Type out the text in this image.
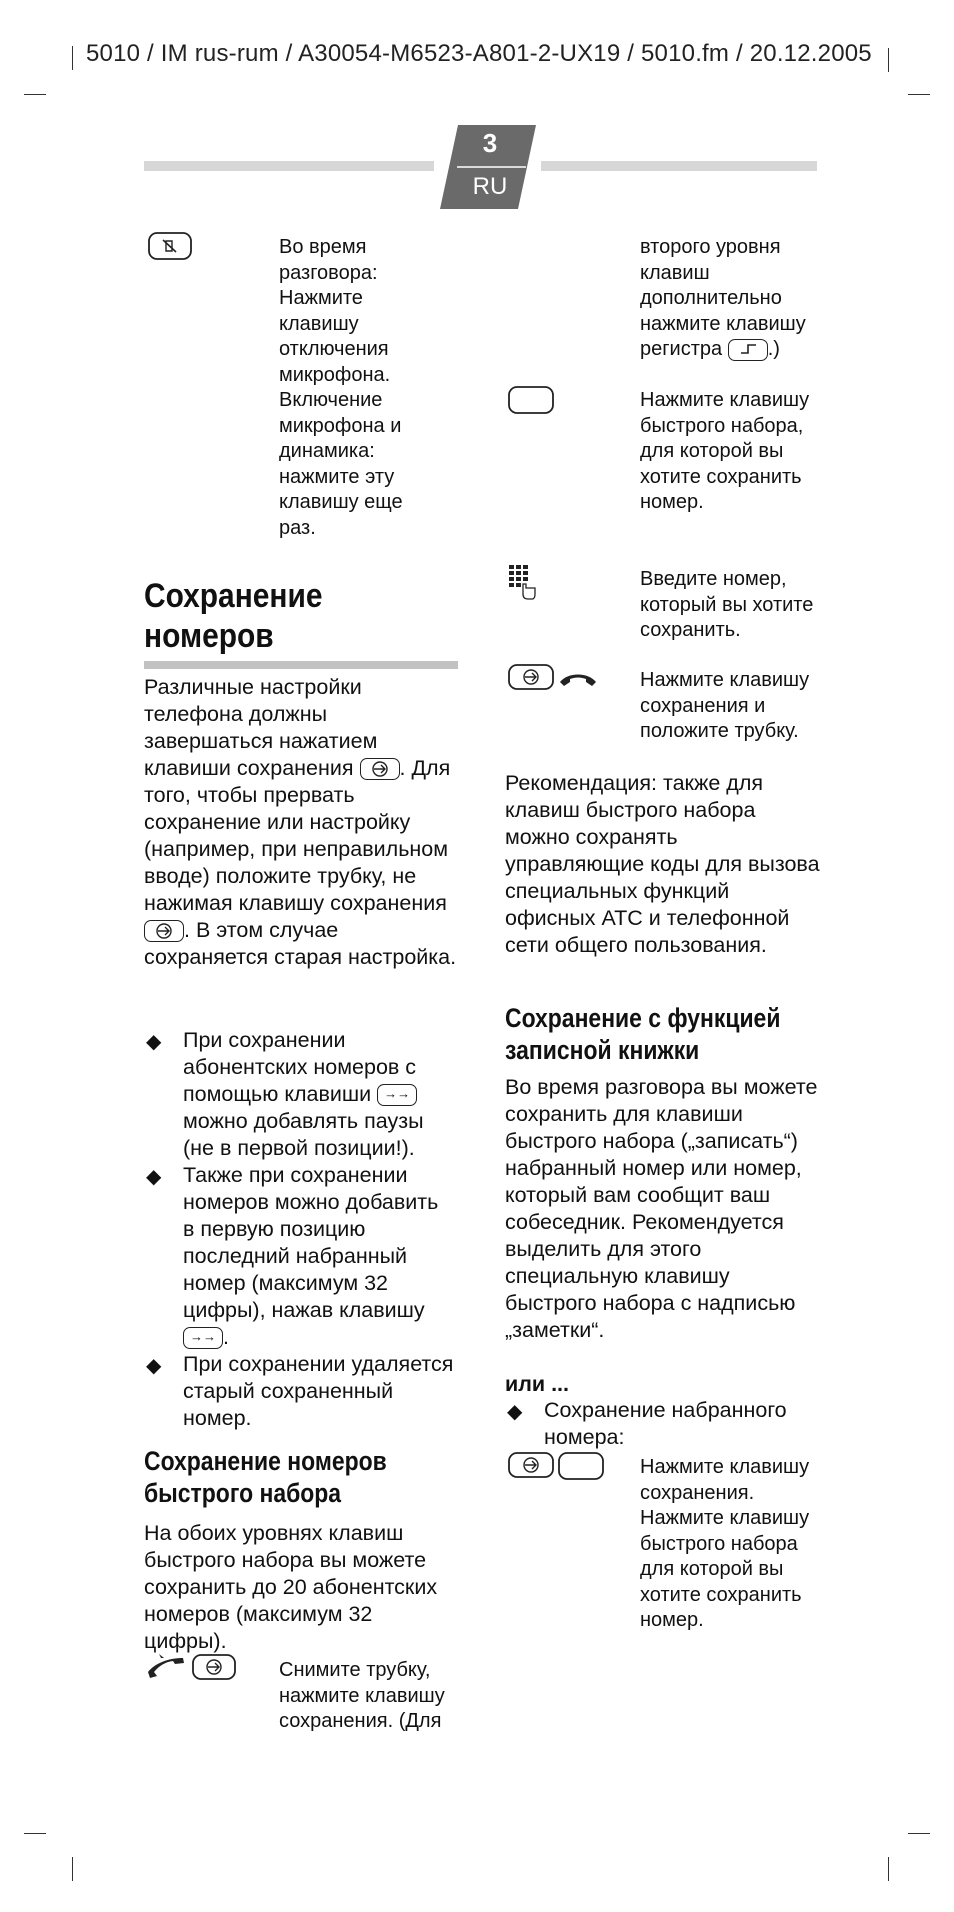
5010 / IM rus-rum / A30054-M6523-A801-2-UX19 / 5010.fm / 20.12.2005
3
RU
Во время разговора: Нажмите клавишу отключения микрофона. Включение микрофона и динамика: нажмите эту клавишу еще раз.
Сохранение
номеров
Различные настройки телефона должны завершаться нажатием клавиши сохранения . Для того, чтобы прервать сохранение или настройку (например, при неправильном вводе) положите трубку, не нажимая клавишу сохранения . В этом случае сохраняется старая настройка.
◆ При сохранении абонентских номеров с помощью клавиши →→ можно добавлять паузы (не в первой позиции!).
◆ Также при сохранении номеров можно добавить в первую позицию последний набранный номер (максимум 32 цифры), нажав клавишу →→ .
◆ При сохранении удаляется старый сохраненный номер.
Сохранение номеров
быстрого набора
На обоих уровнях клавиш быстрого набора вы можете сохранить до 20 абонентских номеров (максимум 32 цифры).
Снимите трубку, нажмите клавишу сохранения. (Для
второго уровня клавиш дополнительно нажмите клавишу регистра .)
Нажмите клавишу быстрого набора, для которой вы хотите сохранить номер.
Введите номер, который вы хотите сохранить.
Нажмите клавишу сохранения и положите трубку.
Рекомендация: также для клавиш быстрого набора можно сохранять управляющие коды для вызова специальных функций офисных АТС и телефонной сети общего пользования.
Сохранение с функцией
записной книжки
Во время разговора вы можете сохранить для клавиши быстрого набора („записать“) набранный номер или номер, который вам сообщит ваш собеседник. Рекомендуется выделить для этого специальную клавишу быстрого набора с надписью „заметки“.
или ...
◆ Сохранение набранного номера:
Нажмите клавишу сохранения. Нажмите клавишу быстрого набора для которой вы хотите сохранить номер.
